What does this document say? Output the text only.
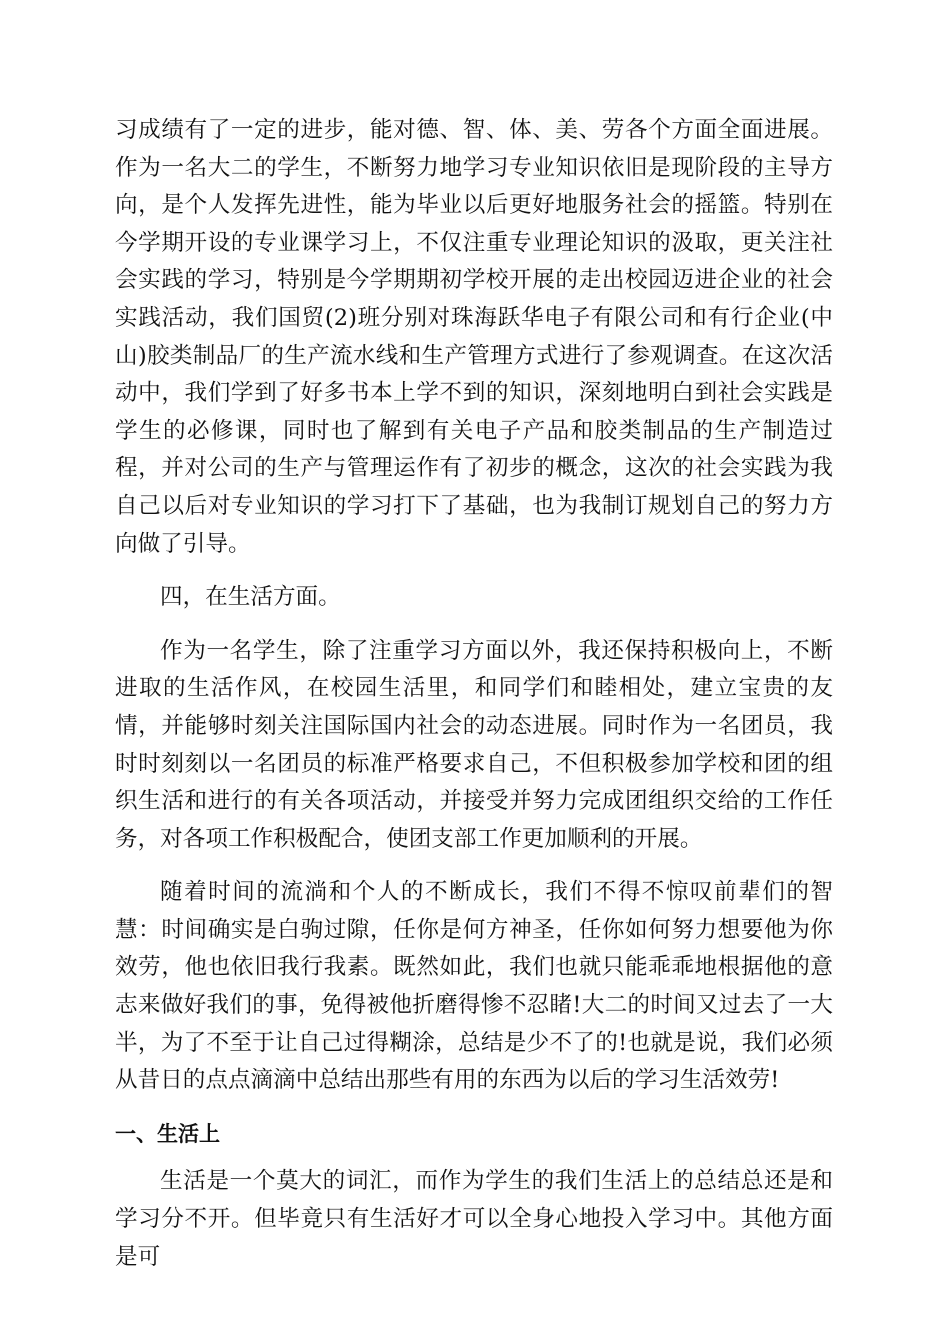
习成绩有了一定的进步，能对德、智、体、美、劳各个方面全面进展。作为一名大二的学生，不断努力地学习专业知识依旧是现阶段的主导方向，是个人发挥先进性，能为毕业以后更好地服务社会的摇篮。特别在今学期开设的专业课学习上，不仅注重专业理论知识的汲取，更关注社会实践的学习，特别是今学期期初学校开展的走出校园迈进企业的社会实践活动，我们国贸(2)班分别对珠海跃华电子有限公司和有行企业(中山)胶类制品厂的生产流水线和生产管理方式进行了参观调查。在这次活动中，我们学到了好多书本上学不到的知识，深刻地明白到社会实践是学生的必修课，同时也了解到有关电子产品和胶类制品的生产制造过程，并对公司的生产与管理运作有了初步的概念，这次的社会实践为我自己以后对专业知识的学习打下了基础，也为我制订规划自己的努力方向做了引导。

四，在生活方面。

作为一名学生，除了注重学习方面以外，我还保持积极向上，不断进取的生活作风，在校园生活里，和同学们和睦相处，建立宝贵的友情，并能够时刻关注国际国内社会的动态进展。同时作为一名团员，我时时刻刻以一名团员的标准严格要求自己，不但积极参加学校和团的组织生活和进行的有关各项活动，并接受并努力完成团组织交给的工作任务，对各项工作积极配合，使团支部工作更加顺利的开展。

随着时间的流淌和个人的不断成长，我们不得不惊叹前辈们的智慧：时间确实是白驹过隙，任你是何方神圣，任你如何努力想要他为你效劳，他也依旧我行我素。既然如此，我们也就只能乖乖地根据他的意志来做好我们的事，免得被他折磨得惨不忍睹!大二的时间又过去了一大半，为了不至于让自己过得糊涂，总结是少不了的!也就是说，我们必须从昔日的点点滴滴中总结出那些有用的东西为以后的学习生活效劳!

一、生活上

生活是一个莫大的词汇，而作为学生的我们生活上的总结总还是和学习分不开。但毕竟只有生活好才可以全身心地投入学习中。其他方面是可
